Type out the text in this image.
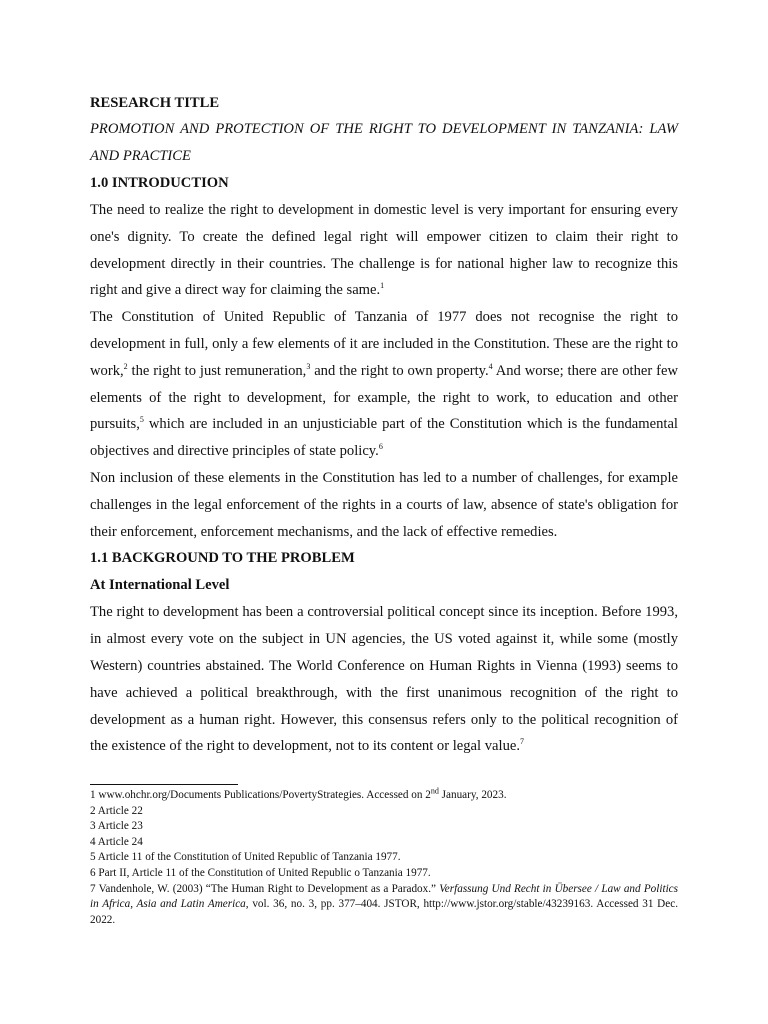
RESEARCH TITLE

PROMOTION AND PROTECTION OF THE RIGHT TO DEVELOPMENT IN TANZANIA: LAW AND PRACTICE

1.0 INTRODUCTION

The need to realize the right to development in domestic level is very important for ensuring every one's dignity. To create the defined legal right will empower citizen to claim their right to development directly in their countries. The challenge is for national higher law to recognize this right and give a direct way for claiming the same.$^1$

The Constitution of United Republic of Tanzania of 1977 does not recognise the right to development in full, only a few elements of it are included in the Constitution. These are the right to work,$^2$ the right to just remuneration,$^3$ and the right to own property.$^4$ And worse; there are other few elements of the right to development, for example, the right to work, to education and other pursuits,$^5$ which are included in an unjusticiable part of the Constitution which is the fundamental objectives and directive principles of state policy.$^6$

Non inclusion of these elements in the Constitution has led to a number of challenges, for example challenges in the legal enforcement of the rights in a courts of law, absence of state's obligation for their enforcement, enforcement mechanisms, and the lack of effective remedies.

1.1 BACKGROUND TO THE PROBLEM

At International Level

The right to development has been a controversial political concept since its inception. Before 1993, in almost every vote on the subject in UN agencies, the US voted against it, while some (mostly Western) countries abstained. The World Conference on Human Rights in Vienna (1993) seems to have achieved a political breakthrough, with the first unanimous recognition of the right to development as a human right. However, this consensus refers only to the political recognition of the existence of the right to development, not to its content or legal value.$^7$

1 www.ohchr.org/Documents Publications/PovertyStrategies. Accessed on 2nd January, 2023.

2 Article 22

3 Article 23

4 Article 24

5 Article 11 of the Constitution of United Republic of Tanzania 1977.

6 Part II, Article 11 of the Constitution of United Republic o Tanzania 1977.

7 Vandenhole, W. (2003) “The Human Right to Development as a Paradox.” Verfassung Und Recht in Übersee / Law and Politics in Africa, Asia and Latin America, vol. 36, no. 3, pp. 377–404. JSTOR, http://www.jstor.org/stable/43239163. Accessed 31 Dec. 2022.
